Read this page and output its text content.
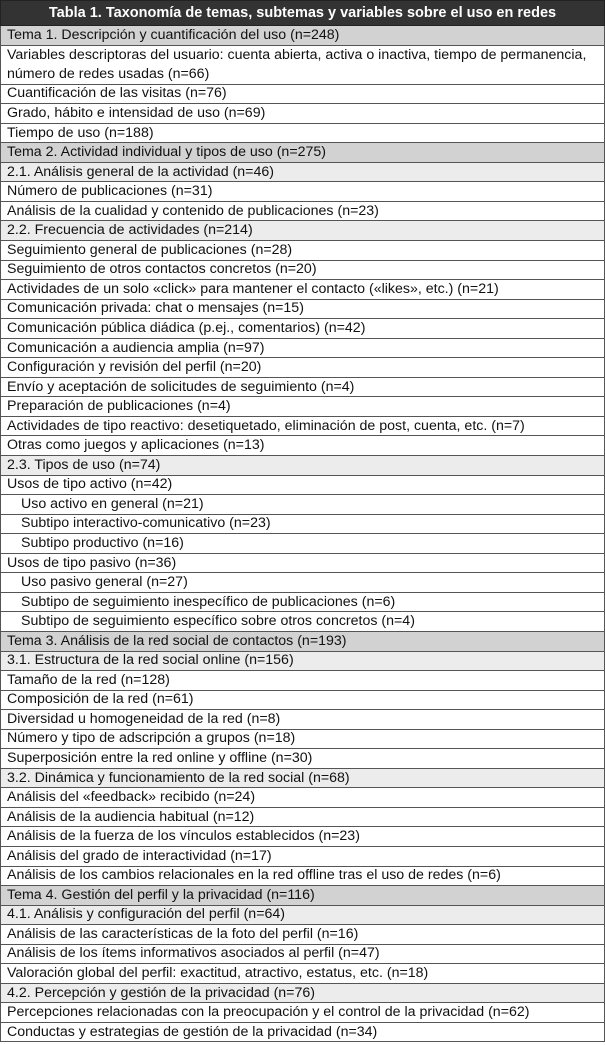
Tabla 1. Taxonomía de temas, subtemas y variables sobre el uso en redes
Tema 1. Descripción y cuantificación del uso (n=248)
Variables descriptoras del usuario: cuenta abierta, activa o inactiva, tiempo de permanencia, número de redes usadas (n=66)
Cuantificación de las visitas (n=76)
Grado, hábito e intensidad de uso (n=69)
Tiempo de uso (n=188)
Tema 2. Actividad individual y tipos de uso (n=275)
2.1. Análisis general de la actividad (n=46)
Número de publicaciones (n=31)
Análisis de la cualidad y contenido de publicaciones (n=23)
2.2. Frecuencia de actividades (n=214)
Seguimiento general de publicaciones (n=28)
Seguimiento de otros contactos concretos (n=20)
Actividades de un solo «click» para mantener el contacto («likes», etc.) (n=21)
Comunicación privada: chat o mensajes (n=15)
Comunicación pública diádica (p.ej., comentarios) (n=42)
Comunicación a audiencia amplia (n=97)
Configuración y revisión del perfil (n=20)
Envío y aceptación de solicitudes de seguimiento (n=4)
Preparación de publicaciones (n=4)
Actividades de tipo reactivo: desetiquetado, eliminación de post, cuenta, etc. (n=7)
Otras como juegos y aplicaciones (n=13)
2.3. Tipos de uso (n=74)
Usos de tipo activo (n=42)
Uso activo en general (n=21)
Subtipo interactivo-comunicativo (n=23)
Subtipo productivo (n=16)
Usos de tipo pasivo (n=36)
Uso pasivo general (n=27)
Subtipo de seguimiento inespecífico de publicaciones (n=6)
Subtipo de seguimiento específico sobre otros concretos (n=4)
Tema 3. Análisis de la red social de contactos (n=193)
3.1. Estructura de la red social online (n=156)
Tamaño de la red (n=128)
Composición de la red (n=61)
Diversidad u homogeneidad de la red (n=8)
Número y tipo de adscripción a grupos (n=18)
Superposición entre la red online y offline (n=30)
3.2. Dinámica y funcionamiento de la red social (n=68)
Análisis del «feedback» recibido (n=24)
Análisis de la audiencia habitual (n=12)
Análisis de la fuerza de los vínculos establecidos (n=23)
Análisis del grado de interactividad (n=17)
Análisis de los cambios relacionales en la red offline tras el uso de redes (n=6)
Tema 4. Gestión del perfil y la privacidad (n=116)
4.1. Análisis y configuración del perfil (n=64)
Análisis de las características de la foto del perfil (n=16)
Análisis de los ítems informativos asociados al perfil (n=47)
Valoración global del perfil: exactitud, atractivo, estatus, etc. (n=18)
4.2. Percepción y gestión de la privacidad (n=76)
Percepciones relacionadas con la preocupación y el control de la privacidad (n=62)
Conductas y estrategias de gestión de la privacidad (n=34)
